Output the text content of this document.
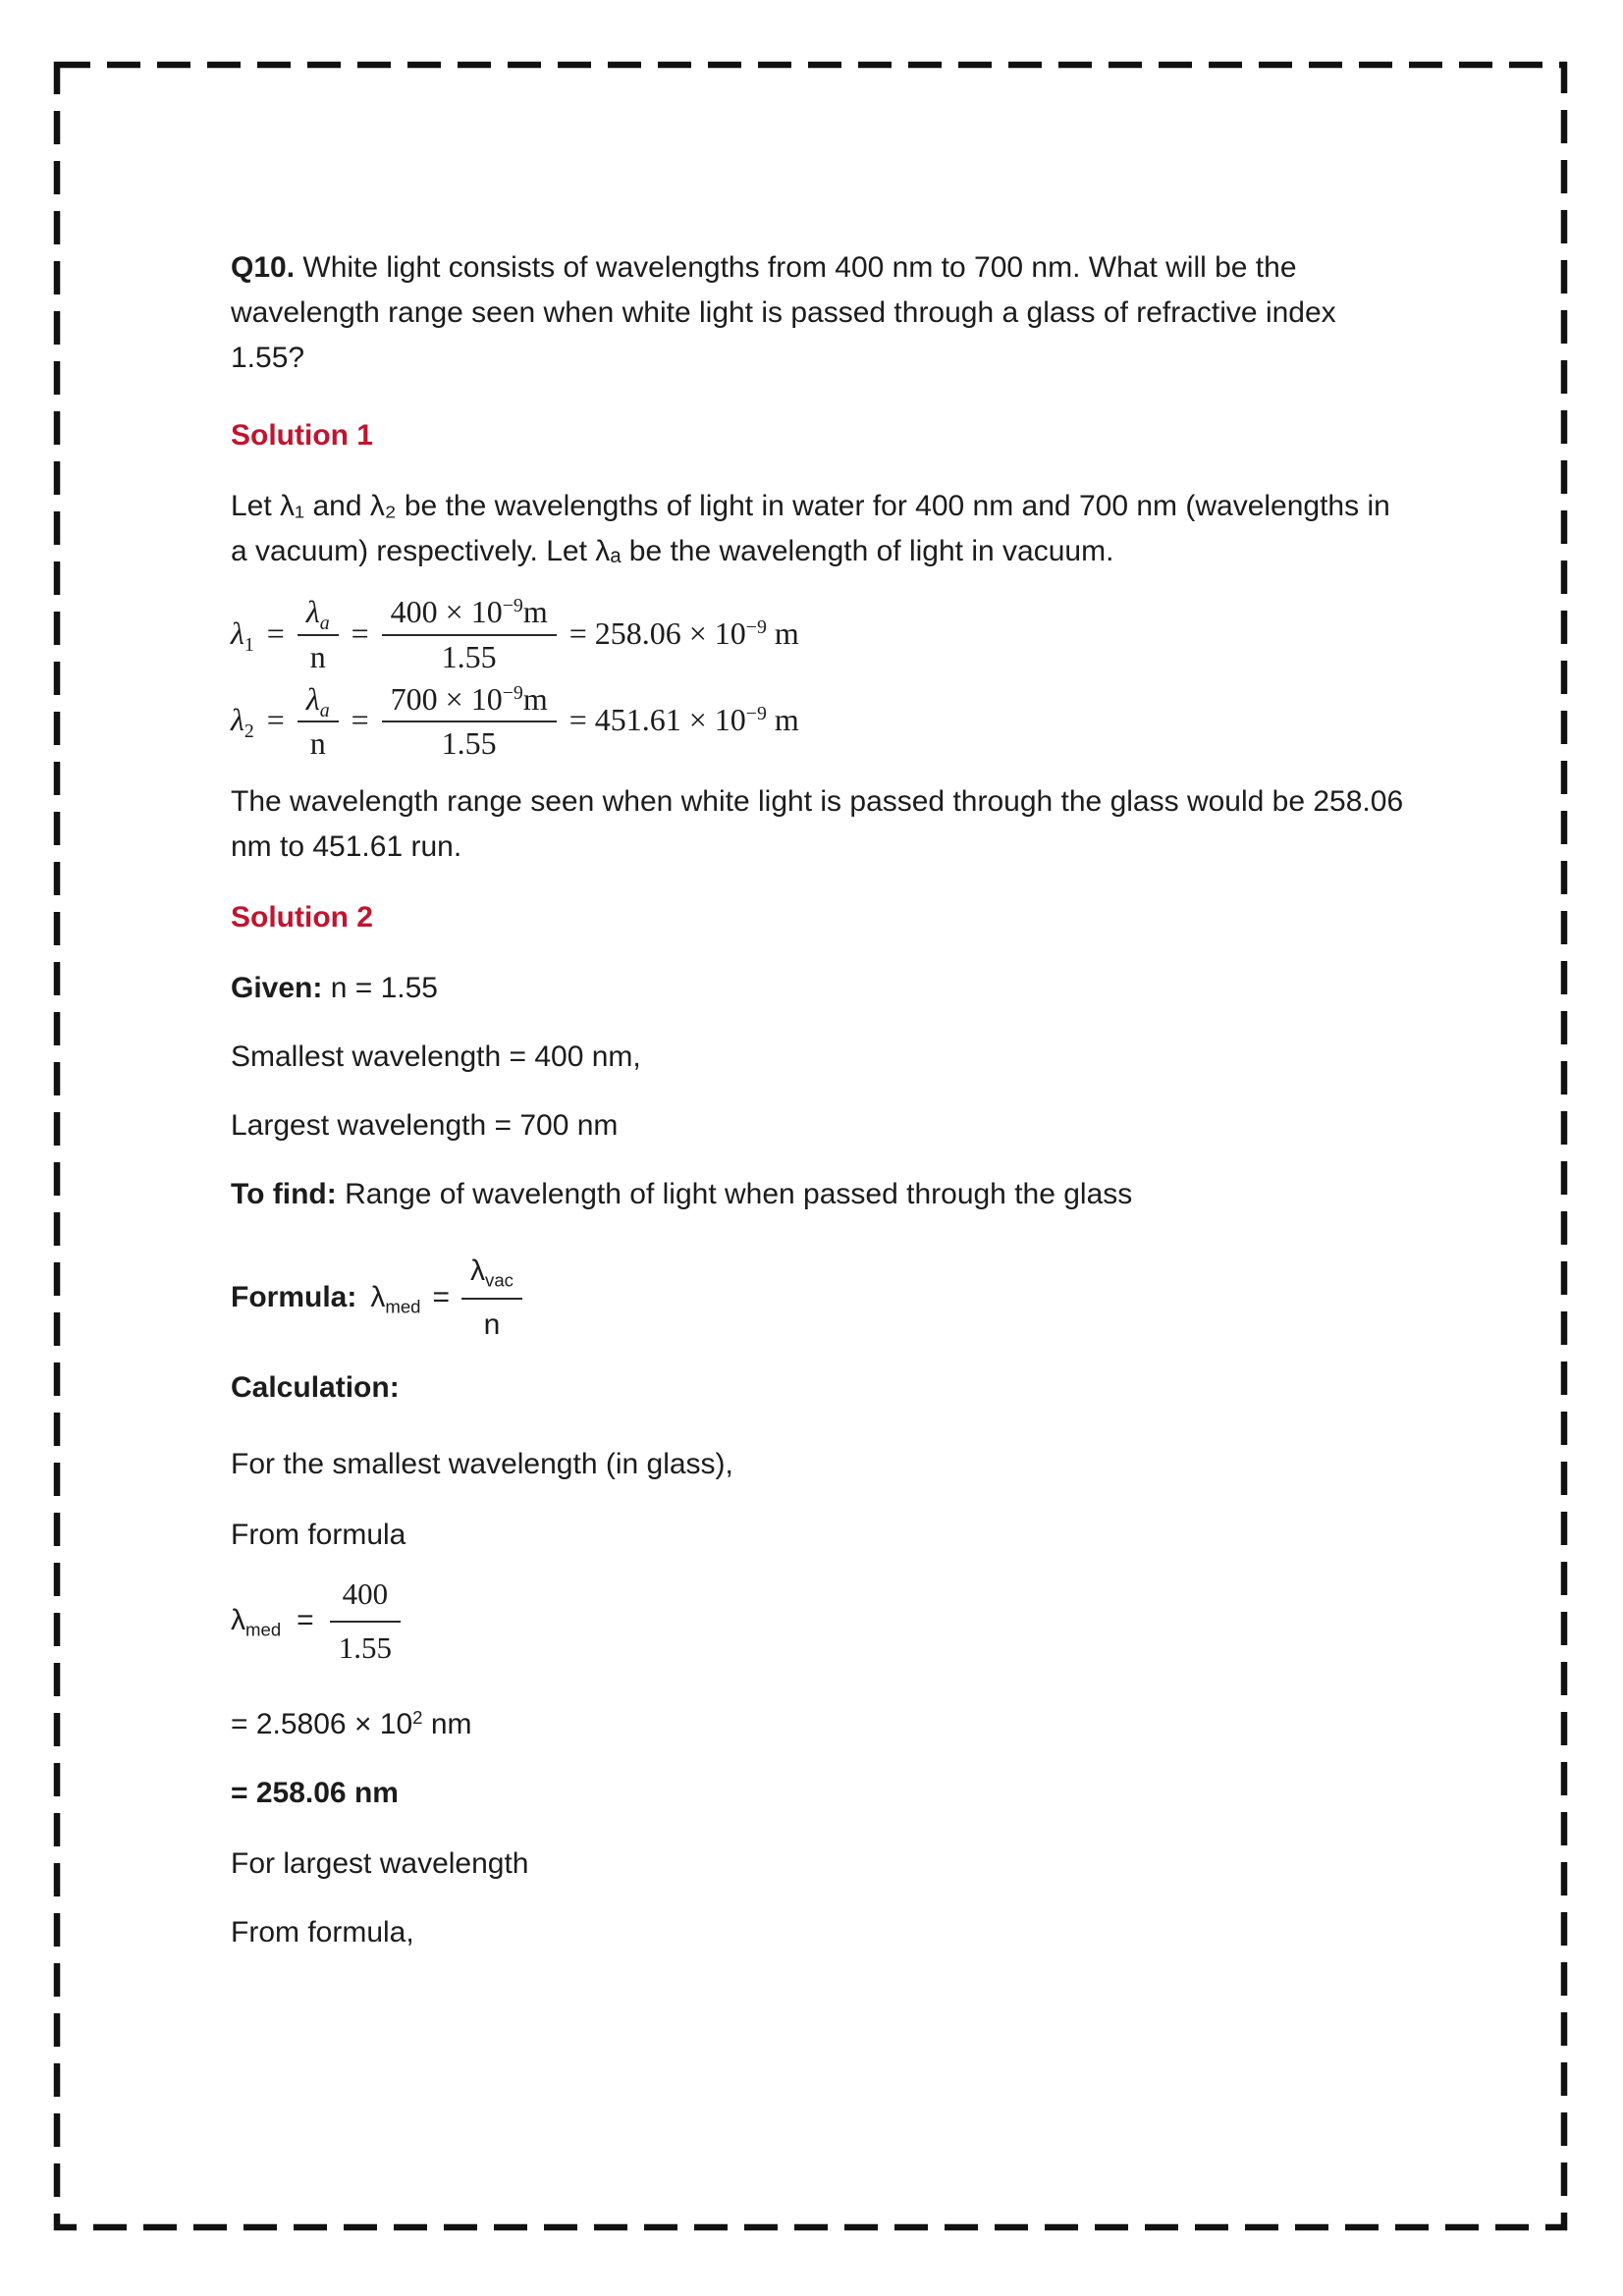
Q10. White light consists of wavelengths from 400 nm to 700 nm. What will be the wavelength range seen when white light is passed through a glass of refractive index 1.55?

Solution 1

Let λ₁ and λ₂ be the wavelengths of light in water for 400 nm and 700 nm (wavelengths in a vacuum) respectively. Let λₐ be the wavelength of light in vacuum.

$\lambda_1 = \frac{\lambda_a}{n} = \frac{400 \times 10^{-9}m}{1.55} = 258.06 \times 10^{-9}$ m
$\lambda_2 = \frac{\lambda_a}{n} = \frac{700 \times 10^{-9}m}{1.55} = 451.61 \times 10^{-9}$ m

The wavelength range seen when white light is passed through the glass would be 258.06 nm to 451.61 run.

Solution 2

Given: n = 1.55

Smallest wavelength = 400 nm,

Largest wavelength = 700 nm

To find: Range of wavelength of light when passed through the glass

Formula: $\lambda_{med} = \frac{\lambda_{vac}}{n}$

Calculation:

For the smallest wavelength (in glass),

From formula

$\lambda_{med} = \frac{400}{1.55}$

= $2.5806 \times 10^2$ nm

= 258.06 nm

For largest wavelength

From formula,
